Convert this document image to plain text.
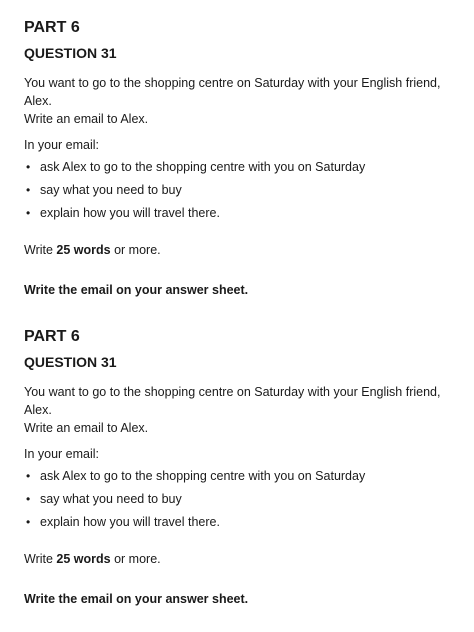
PART 6

QUESTION 31

You want to go to the shopping centre on Saturday with your English friend, Alex.
Write an email to Alex.

In your email:

• ask Alex to go to the shopping centre with you on Saturday
• say what you need to buy
• explain how you will travel there.

Write 25 words or more.

Write the email on your answer sheet.

PART 6

QUESTION 31

You want to go to the shopping centre on Saturday with your English friend, Alex.
Write an email to Alex.

In your email:

• ask Alex to go to the shopping centre with you on Saturday
• say what you need to buy
• explain how you will travel there.

Write 25 words or more.

Write the email on your answer sheet.
